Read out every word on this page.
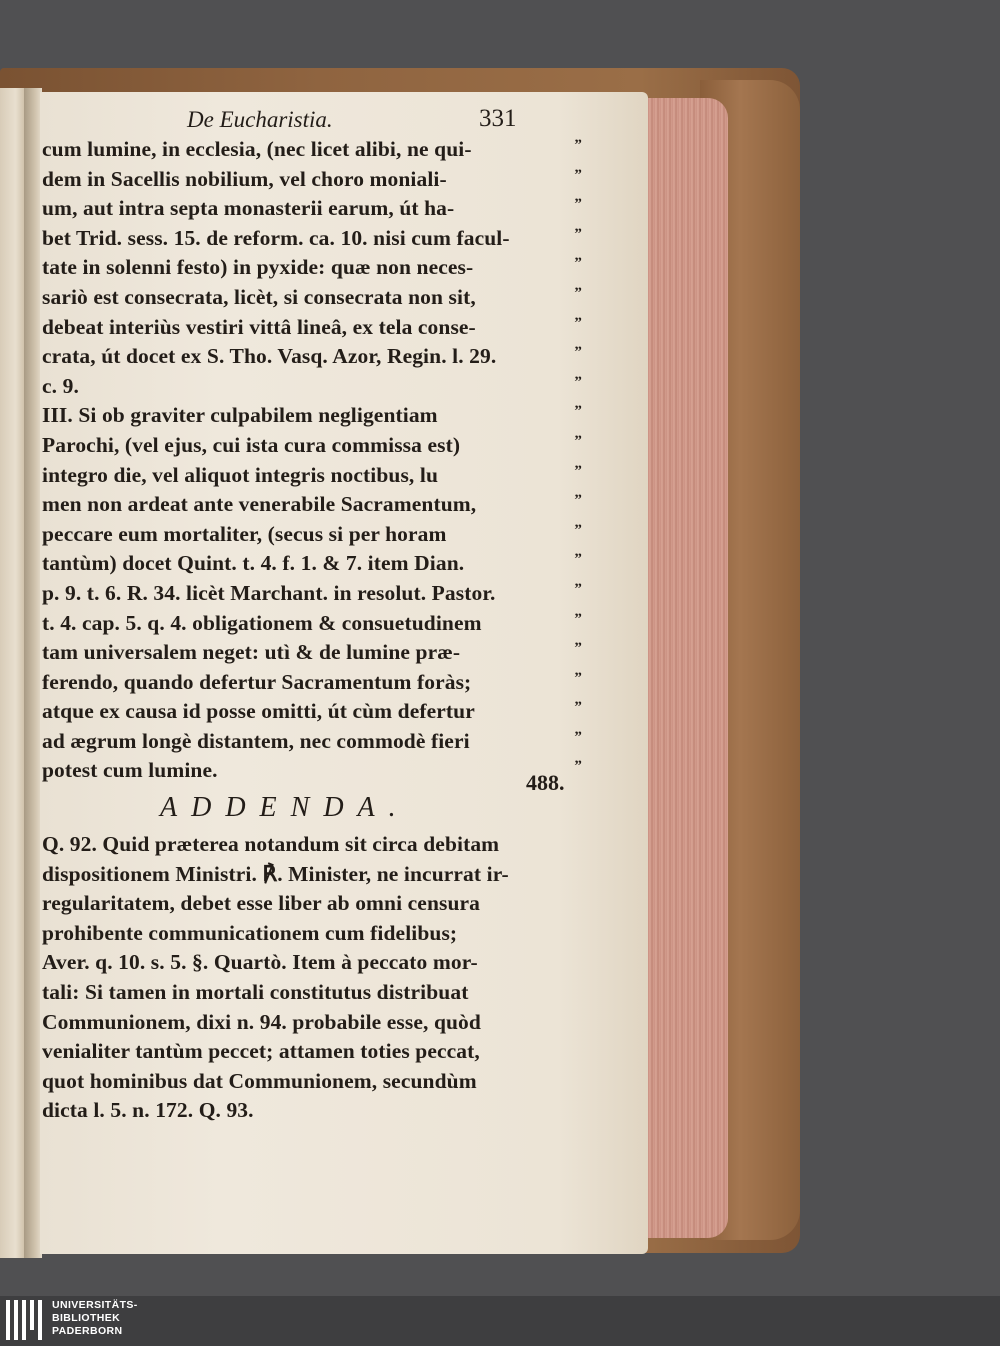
De Eucharistia.	331
cum lumine, in ecclesia, (nec licet alibi, ne qui-	”
dem in Sacellis nobilium, vel choro moniali-	”
um, aut intra septa monasterii earum, út ha-	”
bet Trid. sess. 15. de reform. ca. 10. nisi cum facul-	”
tate in solenni festo) in pyxide: quæ non neces-	”
sariò est consecrata, licèt, si consecrata non sit,	”
debeat interiùs vestiri vittâ lineâ, ex tela conse-	”
crata, út docet ex S. Tho. Vasq. Azor, Regin. l. 29.	”
c. 9.	”
III. Si ob graviter culpabilem negligentiam	”
Parochi, (vel ejus, cui ista cura commissa est)	”
integro die, vel aliquot integris noctibus, lu	”
men non ardeat ante venerabile Sacramentum,	”
peccare eum mortaliter, (secus si per horam	”
tantùm) docet Quint. t. 4. f. 1. & 7. item Dian.	”
p. 9. t. 6. R. 34. licèt Marchant. in resolut. Pastor.	”
t. 4. cap. 5. q. 4. obligationem & consuetudinem	”
tam universalem neget: utì & de lumine præ-	”
ferendo, quando defertur Sacramentum foràs;	”
atque ex causa id posse omitti, út cùm defertur	”
ad ægrum longè distantem, nec commodè fieri	”
potest cum lumine.	”
ADDENDA.
Q. 92. Quid præterea notandum sit circa debitam
dispositionem Ministri. ℟. Minister, ne incurrat ir-
regularitatem, debet esse liber ab omni censura
prohibente communicationem cum fidelibus;
Aver. q. 10. s. 5. §. Quartò. Item à peccato mor-
tali: Si tamen in mortali constitutus distribuat
Communionem, dixi n. 94. probabile esse, quòd
venialiter tantùm peccet; attamen toties peccat,
quot hominibus dat Communionem, secundùm
dicta l. 5. n. 172. Q. 93.
488.
UNIVERSITÄTS-
BIBLIOTHEK
PADERBORN
